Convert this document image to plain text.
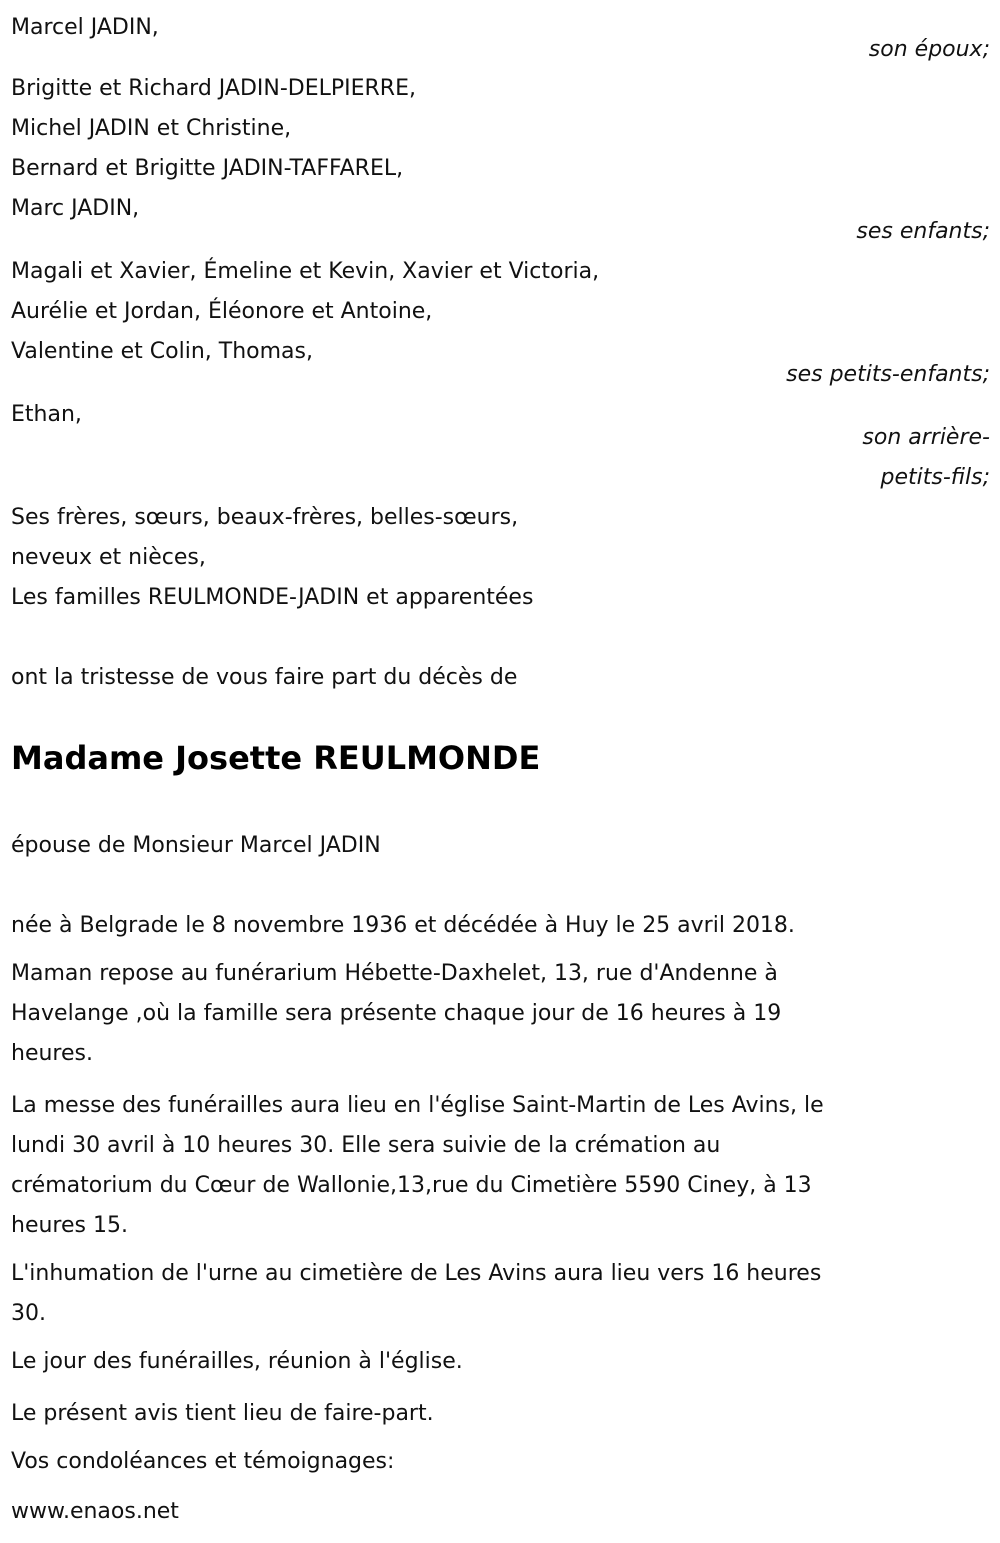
Marcel JADIN,
son époux;
Brigitte et Richard JADIN-DELPIERRE,
Michel JADIN et Christine,
Bernard et Brigitte JADIN-TAFFAREL,
Marc JADIN,
ses enfants;
Magali et Xavier, Émeline et Kevin, Xavier et Victoria,
Aurélie et Jordan, Éléonore et Antoine,
Valentine et Colin, Thomas,
ses petits-enfants;
Ethan,
son arrière-
petits-fils;
Ses frères, sœurs, beaux-frères, belles-sœurs,
neveux et nièces,
Les familles REULMONDE-JADIN et apparentées
ont la tristesse de vous faire part du décès de
Madame Josette REULMONDE
épouse de Monsieur Marcel JADIN
née à Belgrade le 8 novembre 1936 et décédée à Huy le 25 avril 2018.
Maman repose au funérarium Hébette-Daxhelet, 13, rue d'Andenne à
Havelange ,où la famille sera présente chaque jour de 16 heures à 19
heures.
La messe des funérailles aura lieu en l'église Saint-Martin de Les Avins, le
lundi 30 avril à 10 heures 30. Elle sera suivie de la crémation au
crématorium du Cœur de Wallonie,13,rue du Cimetière 5590 Ciney, à 13
heures 15.
L'inhumation de l'urne au cimetière de Les Avins aura lieu vers 16 heures
30.
Le jour des funérailles, réunion à l'église.
Le présent avis tient lieu de faire-part.
Vos condoléances et témoignages:
www.enaos.net
